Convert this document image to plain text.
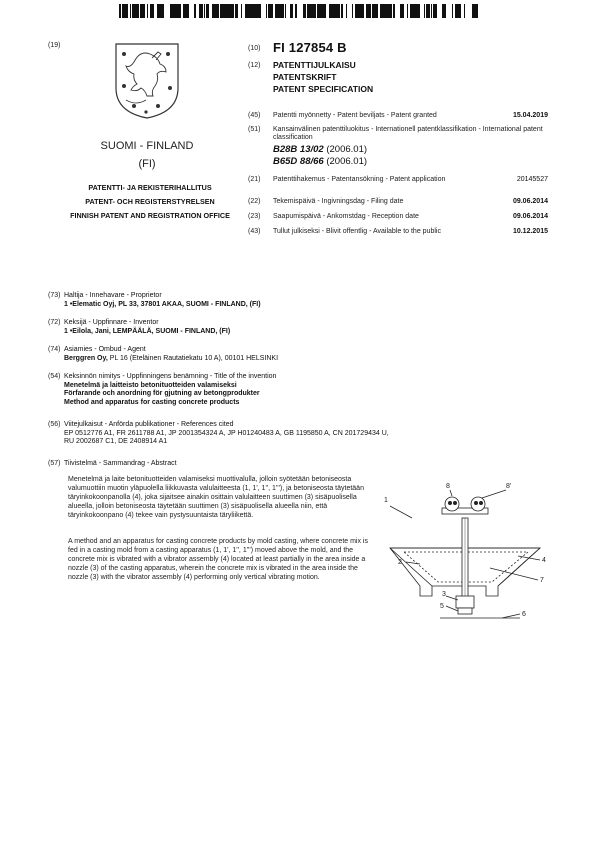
(19)
SUOMI - FINLAND
(FI)
PATENTTI- JA REKISTERIHALLITUS
PATENT- OCH REGISTERSTYRELSEN
FINNISH PATENT AND REGISTRATION OFFICE
(10) FI 127854 B
(12) PATENTTIJULKAISU
PATENTSKRIFT
PATENT SPECIFICATION
(45) Patentti myönnetty - Patent beviljats - Patent granted	15.04.2019
(51) Kansainvälinen patenttiluokitus - Internationell patentklassifikation - International patent classification
B28B 13/02 (2006.01)
B65D 88/66 (2006.01)
(21) Patenttihakemus - Patentansökning - Patent application	20145527
(22) Tekemispäivä - Ingivningsdag - Filing date	09.06.2014
(23) Saapumispäivä - Ankomstdag - Reception date	09.06.2014
(43) Tullut julkiseksi - Blivit offentlig - Available to the public	10.12.2015
(73) Haltija - Innehavare - Proprietor
1 •Elematic Oyj, PL 33, 37801 AKAA, SUOMI - FINLAND, (FI)
(72) Keksijä - Uppfinnare - Inventor
1 •Eilola, Jani, LEMPÄÄLÄ, SUOMI - FINLAND, (FI)
(74) Asiamies - Ombud - Agent
Berggren Oy, PL 16 (Eteläinen Rautatiekatu 10 A), 00101 HELSINKI
(54) Keksinnön nimitys - Uppfinningens benämning - Title of the invention
Menetelmä ja laitteisto betonituotteiden valamiseksi
Förfarande och anordning för gjutning av betongprodukter
Method and apparatus for casting concrete products
(56) Viitejulkaisut - Anförda publikationer - References cited
EP 0512776 A1, FR 2611788 A1, JP 2001354324 A, JP H01240483 A, GB 1195850 A, CN 201729434 U,
RU 2002687 C1, DE 2408914 A1
(57) Tiivistelmä - Sammandrag - Abstract
Menetelmä ja laite betonituotteiden valamiseksi muottivalulla, jolloin syötetään betoniseosta valumuottiin muotin yläpuolella liikkuvasta valulaitteesta (1, 1', 1'', 1'''), ja betoniseosta täytetään täryinkokoonpanolla (4), joka sijaitsee ainakin osittain valulaitteen suuttimen (3) sisäpuolisella alueella, jolloin betoniseosta täytetään suuttimen (3) sisäpuolisella alueella niin, että täryinkokoonpano (4) tekee vain pystysuuntaista täryliikettä.
A method and an apparatus for casting concrete products by mold casting, where concrete mix is fed in a casting mold from a casting apparatus (1, 1', 1'', 1''') moved above the mold, and the concrete mix is vibrated with a vibrator assembly (4) located at least partially in the area inside a nozzle (3) of the casting apparatus, wherein the concrete mix is vibrated in the area inside the nozzle (3) with the vibrator assembly (4) performing only vertical vibrating motion.
1
2
3
4
5
6
7
8	8'
